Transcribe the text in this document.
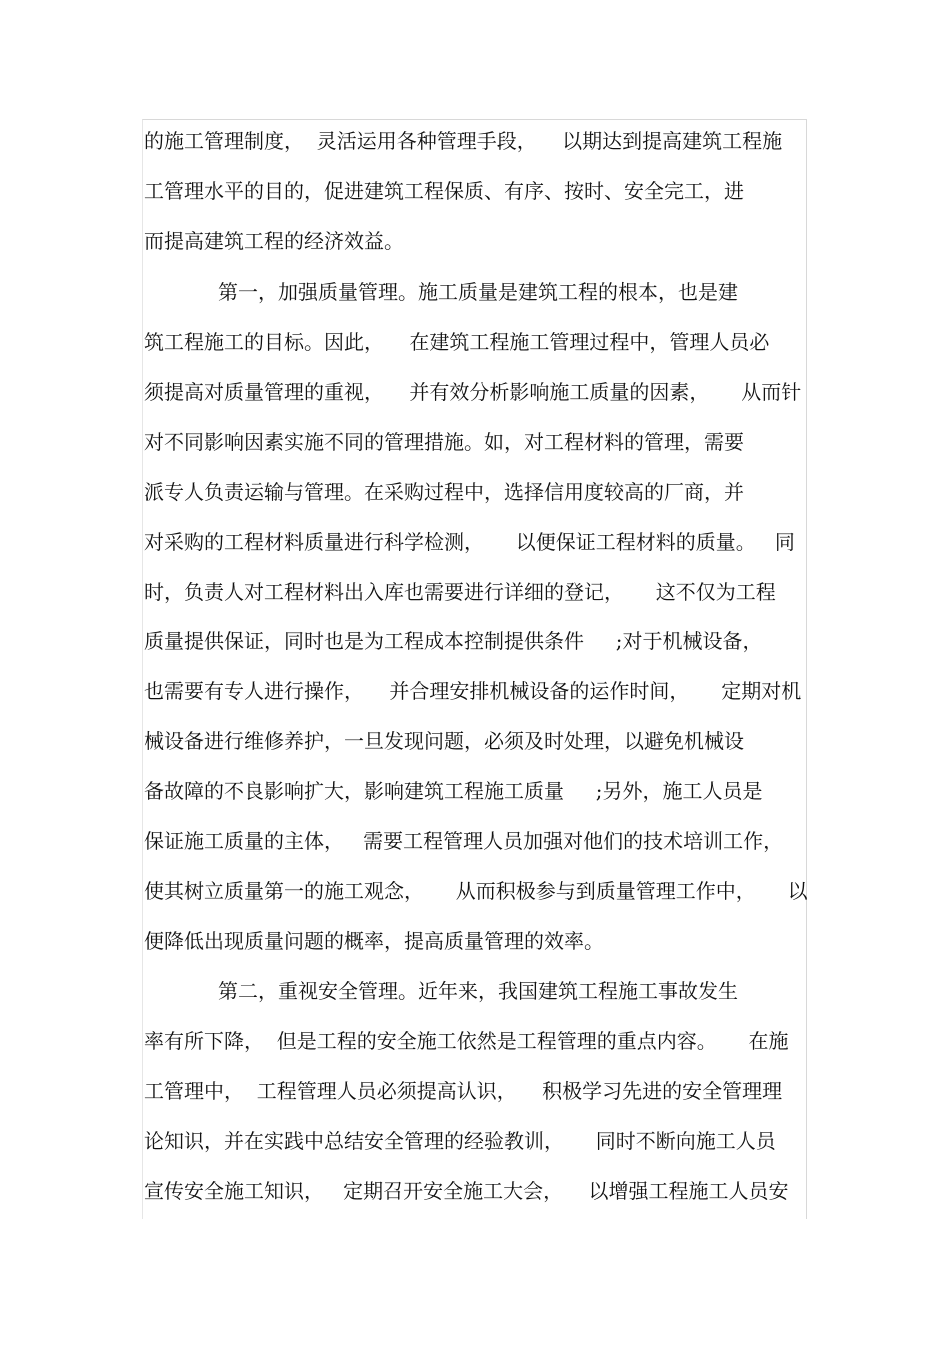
的施工管理制度，  灵活运用各种管理手段，    以期达到提高建筑工程施
工管理水平的目的，促进建筑工程保质、有序、按时、安全完工，进
而提高建筑工程的经济效益。
第一，加强质量管理。施工质量是建筑工程的根本，也是建
筑工程施工的目标。因此，    在建筑工程施工管理过程中，管理人员必
须提高对质量管理的重视，    并有效分析影响施工质量的因素，     从而针
对不同影响因素实施不同的管理措施。如，对工程材料的管理，需要
派专人负责运输与管理。在采购过程中，选择信用度较高的厂商，并
对采购的工程材料质量进行科学检测，     以便保证工程材料的质量。   同
时，负责人对工程材料出入库也需要进行详细的登记，     这不仅为工程
质量提供保证，同时也是为工程成本控制提供条件     ;对于机械设备，
也需要有专人进行操作，    并合理安排机械设备的运作时间，     定期对机
械设备进行维修养护，一旦发现问题，必须及时处理，以避免机械设
备故障的不良影响扩大，影响建筑工程施工质量     ;另外，施工人员是
保证施工质量的主体，   需要工程管理人员加强对他们的技术培训工作，
使其树立质量第一的施工观念，     从而积极参与到质量管理工作中，     以
便降低出现质量问题的概率，提高质量管理的效率。
第二，重视安全管理。近年来，我国建筑工程施工事故发生
率有所下降，  但是工程的安全施工依然是工程管理的重点内容。     在施
工管理中，  工程管理人员必须提高认识，    积极学习先进的安全管理理
论知识，并在实践中总结安全管理的经验教训，     同时不断向施工人员
宣传安全施工知识，   定期召开安全施工大会，    以增强工程施工人员安
